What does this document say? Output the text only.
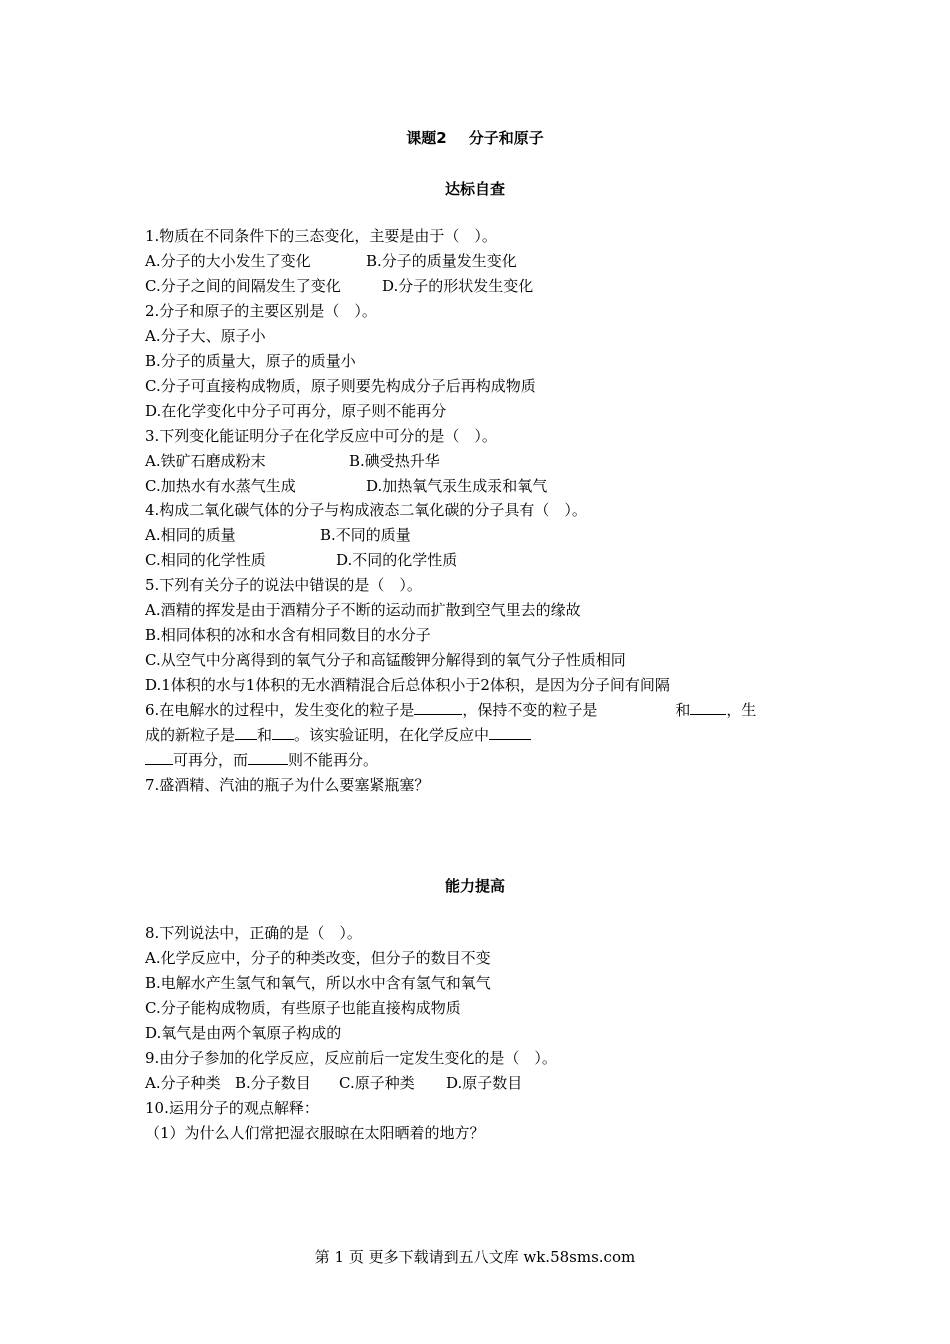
课题2 分子和原子
达标自查
1.物质在不同条件下的三态变化，主要是由于（　）。
A.分子的大小发生了变化	B.分子的质量发生变化
C.分子之间的间隔发生了变化	D.分子的形状发生变化
2.分子和原子的主要区别是（　）。
A.分子大、原子小
B.分子的质量大，原子的质量小
C.分子可直接构成物质，原子则要先构成分子后再构成物质
D.在化学变化中分子可再分，原子则不能再分
3.下列变化能证明分子在化学反应中可分的是（　）。
A.铁矿石磨成粉末	B.碘受热升华
C.加热水有水蒸气生成	D.加热氧气汞生成汞和氧气
4.构成二氧化碳气体的分子与构成液态二氧化碳的分子具有（　）。
A.相同的质量	B.不同的质量
C.相同的化学性质	D.不同的化学性质
5.下列有关分子的说法中错误的是（　）。
A.酒精的挥发是由于酒精分子不断的运动而扩散到空气里去的缘故
B.相同体积的冰和水含有相同数目的水分子
C.从空气中分离得到的氧气分子和高锰酸钾分解得到的氧气分子性质相同
D.1体积的水与1体积的无水酒精混合后总体积小于2体积，是因为分子间有间隔
6.在电解水的过程中，发生变化的粒子是	，保持不变的粒子是	和 ，生
成的新粒子是 和 。该实验证明，在化学反应中
可再分，而	则不能再分。
7.盛酒精、汽油的瓶子为什么要塞紧瓶塞？
能力提高
8.下列说法中，正确的是（　）。
A.化学反应中，分子的种类改变，但分子的数目不变
B.电解水产生氢气和氧气，所以水中含有氢气和氧气
C.分子能构成物质，有些原子也能直接构成物质
D.氧气是由两个氧原子构成的
9.由分子参加的化学反应，反应前后一定发生变化的是（　）。
A.分子种类 B.分子数目 C.原子种类 D.原子数目
10.运用分子的观点解释：
（1）为什么人们常把湿衣服晾在太阳晒着的地方？
第 1 页 更多下载请到五八文库 wk.58sms.com
